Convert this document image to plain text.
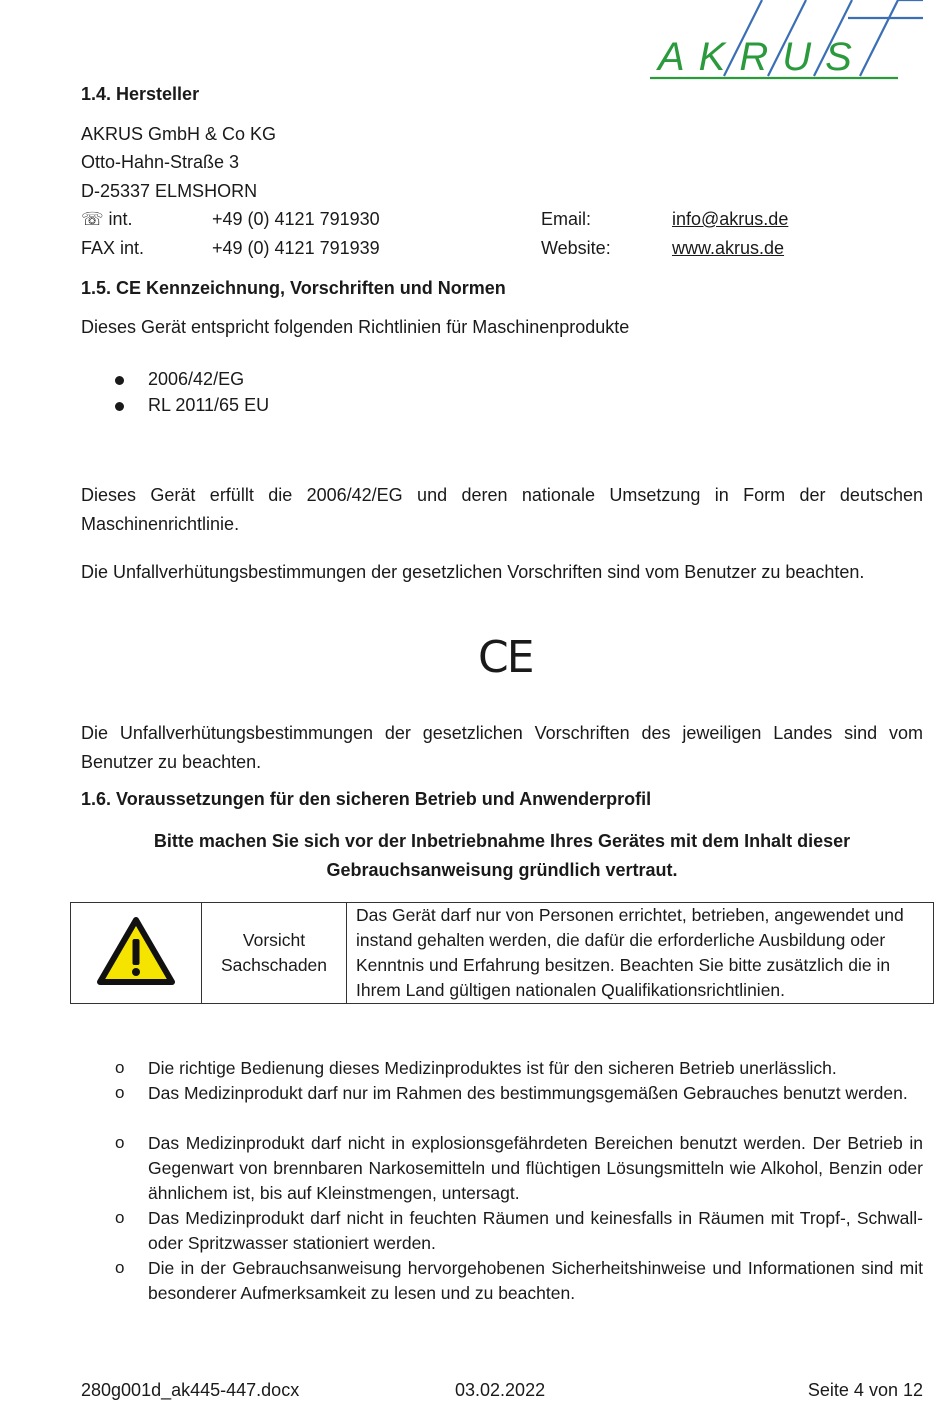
AKRUS
1.4. Hersteller
AKRUS GmbH & Co KG
Otto-Hahn-Straße 3
D-25337 ELMSHORN
☏ int.	+49 (0) 4121 791930	Email:	info@akrus.de
FAX int.	+49 (0) 4121 791939	Website:	www.akrus.de
1.5. CE Kennzeichnung, Vorschriften und Normen
Dieses Gerät entspricht folgenden Richtlinien für Maschinenprodukte
2006/42/EG
RL 2011/65 EU
Dieses Gerät erfüllt die 2006/42/EG und deren nationale Umsetzung in Form der deutschen Maschinenrichtlinie.
Die Unfallverhütungsbestimmungen der gesetzlichen Vorschriften sind vom Benutzer zu beachten.
CE
Die Unfallverhütungsbestimmungen der gesetzlichen Vorschriften des jeweiligen Landes sind vom Benutzer zu beachten.
1.6. Voraussetzungen für den sicheren Betrieb und Anwenderprofil
Bitte machen Sie sich vor der Inbetriebnahme Ihres Gerätes mit dem Inhalt dieser Gebrauchsanweisung gründlich vertraut.

Vorsicht
Sachschaden
	Das Gerät darf nur von Personen errichtet, betrieben, angewendet und instand gehalten werden, die dafür die erforderliche Ausbildung oder Kenntnis und Erfahrung besitzen. Beachten Sie bitte zusätzlich die in Ihrem Land gültigen nationalen Qualifikationsrichtlinien.
o Die richtige Bedienung dieses Medizinproduktes ist für den sicheren Betrieb unerlässlich.
o Das Medizinprodukt darf nur im Rahmen des bestimmungsgemäßen Gebrauches benutzt werden.
o Das Medizinprodukt darf nicht in explosionsgefährdeten Bereichen benutzt werden. Der Betrieb in Gegenwart von brennbaren Narkosemitteln und flüchtigen Lösungsmitteln wie Alkohol, Benzin oder ähnlichem ist, bis auf Kleinstmengen, untersagt.
o Das Medizinprodukt darf nicht in feuchten Räumen und keinesfalls in Räumen mit Tropf-, Schwall- oder Spritzwasser stationiert werden.
o Die in der Gebrauchsanweisung hervorgehobenen Sicherheitshinweise und Informationen sind mit besonderer Aufmerksamkeit zu lesen und zu beachten.
280g001d_ak445-447.docx	03.02.2022	Seite 4 von 12
